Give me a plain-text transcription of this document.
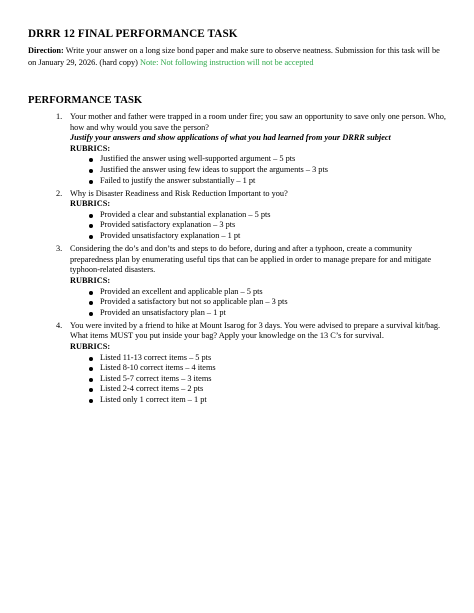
DRRR 12 FINAL PERFORMANCE TASK
Direction: Write your answer on a long size bond paper and make sure to observe neatness. Submission for this task will be on January 29, 2026. (hard copy) Note: Not following instruction will not be accepted
PERFORMANCE TASK
1. Your mother and father were trapped in a room under fire; you saw an opportunity to save only one person. Who, how and why would you save the person?
Justify your answers and show applications of what you had learned from your DRRR subject
RUBRICS:
Justified the answer using well-supported argument – 5 pts
Justified the answer using few ideas to support the arguments – 3 pts
Failed to justify the answer substantially – 1 pt
2. Why is Disaster Readiness and Risk Reduction Important to you?
RUBRICS:
Provided a clear and substantial explanation – 5 pts
Provided satisfactory explanation – 3 pts
Provided unsatisfactory explanation – 1 pt
3. Considering the do’s and don’ts and steps to do before, during and after a typhoon, create a community preparedness plan by enumerating useful tips that can be applied in order to manage prepare for and mitigate typhoon-related disasters.
RUBRICS:
Provided an excellent and applicable plan – 5 pts
Provided a satisfactory but not so applicable plan – 3 pts
Provided an unsatisfactory plan – 1 pt
4. You were invited by a friend to hike at Mount Isarog for 3 days. You were advised to prepare a survival kit/bag. What items MUST you put inside your bag? Apply your knowledge on the 13 C’s for survival.
RUBRICS:
Listed 11-13 correct items – 5 pts
Listed 8-10 correct items – 4 items
Listed 5-7 correct items – 3 items
Listed 2-4 correct items – 2 pts
Listed only 1 correct item – 1 pt
